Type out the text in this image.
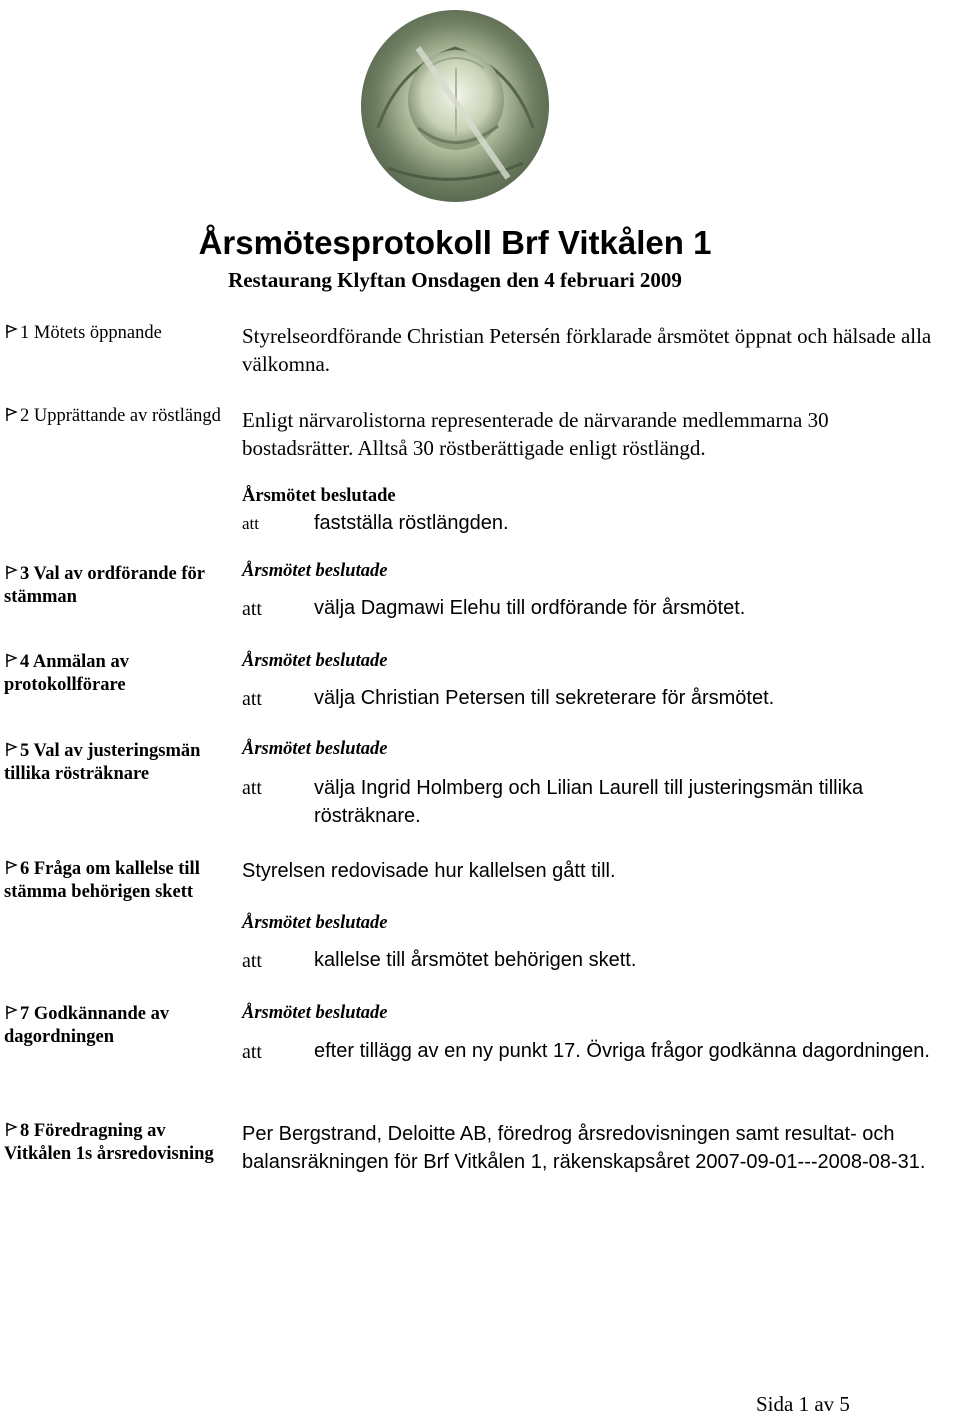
Årsmötesprotokoll Brf Vitkålen 1
Restaurang Klyftan Onsdagen den 4 februari 2009
1 Mötets öppnande	Styrelseordförande Christian Petersén förklarade årsmötet öppnat och hälsade alla välkomna.
2 Upprättande av röstlängd	Enligt närvarolistorna representerade de närvarande medlemmarna 30 bostadsrätter. Alltså 30 röstberättigade enligt röstlängd.
Årsmötet beslutade
att	fastställa röstlängden.
3 Val av ordförande för stämman
Årsmötet beslutade
att	välja Dagmawi Elehu till ordförande för årsmötet.
4 Anmälan av protokollförare
Årsmötet beslutade
att	välja Christian Petersen till sekreterare för årsmötet.
5 Val av justeringsmän tillika rösträknare
Årsmötet beslutade
att	välja Ingrid Holmberg och Lilian Laurell till justeringsmän tillika rösträknare.
6 Fråga om kallelse till stämma behörigen skett
Styrelsen redovisade hur kallelsen gått till.
Årsmötet beslutade
att	kallelse till årsmötet behörigen skett.
7 Godkännande av dagordningen
Årsmötet beslutade
att	efter tillägg av en ny punkt 17. Övriga frågor godkänna dagordningen.
8 Föredragning av Vitkålen 1s årsredovisning
Per Bergstrand, Deloitte AB, föredrog årsredovisningen samt resultat- och balansräkningen för Brf Vitkålen 1, räkenskapsåret 2007-09-01---2008-08-31.
Sida 1 av 5
